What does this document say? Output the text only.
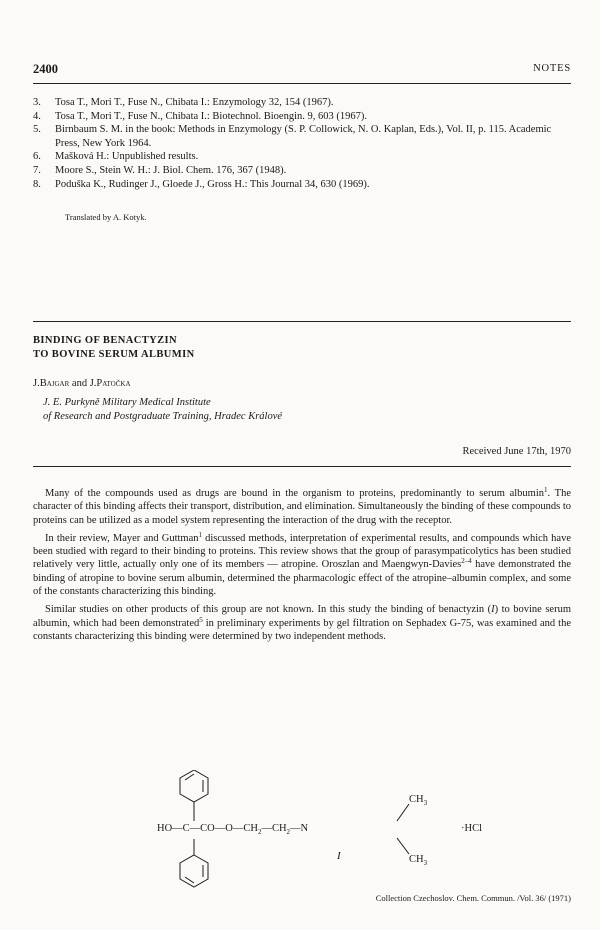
2400	NOTES
3.	Tosa T., Mori T., Fuse N., Chibata I.: Enzymology 32, 154 (1967).
4.	Tosa T., Mori T., Fuse N., Chibata I.: Biotechnol. Bioengin. 9, 603 (1967).
5.	Birnbaum S. M. in the book: Methods in Enzymology (S. P. Collowick, N. O. Kaplan, Eds.), Vol. II, p. 115. Academic Press, New York 1964.
6.	Mašková H.: Unpublished results.
7.	Moore S., Stein W. H.: J. Biol. Chem. 176, 367 (1948).
8.	Poduška K., Rudinger J., Gloede J., Gross H.: This Journal 34, 630 (1969).
Translated by A. Kotyk.
BINDING OF BENACTYZIN
TO BOVINE SERUM ALBUMIN
J.Bajgar and J.Patočka
J. E. Purkyně Military Medical Institute
of Research and Postgraduate Training, Hradec Králové
Received June 17th, 1970

Many of the compounds used as drugs are bound in the organism to proteins, predominantly to serum albumin$^1$. The character of this binding affects their transport, distribution, and elimination. Simultaneously the binding of these compounds to proteins can be utilized as a model system representing the interaction of the drug with the receptor.

In their review, Mayer and Guttman$^1$ discussed methods, interpretation of experimental results, and compounds which have been studied with regard to their binding to proteins. This review shows that the group of parasympaticolytics has been studied relatively very little, actually only one of its members — atropine. Oroszlan and Maengwyn-Davies$^{2-4}$ have demonstrated the binding of atropine to bovine serum albumin, determined the pharmacologic effect of the atropine–albumin complex, and some of the constants characterizing this binding.

Similar studies on other products of this group are not known. In this study the binding of benactyzin (I) to bovine serum albumin, which had been demonstrated$^5$ in preliminary experiments by gel filtration on Sephadex G-75, was examined and the constants characterizing this binding were determined by two independent methods.

$HO—C—CO—O—CH_2—CH_2—N$
$CH_3$
$CH_3$
·HCl
I
Collection Czechoslov. Chem. Commun. /Vol. 36/ (1971)
